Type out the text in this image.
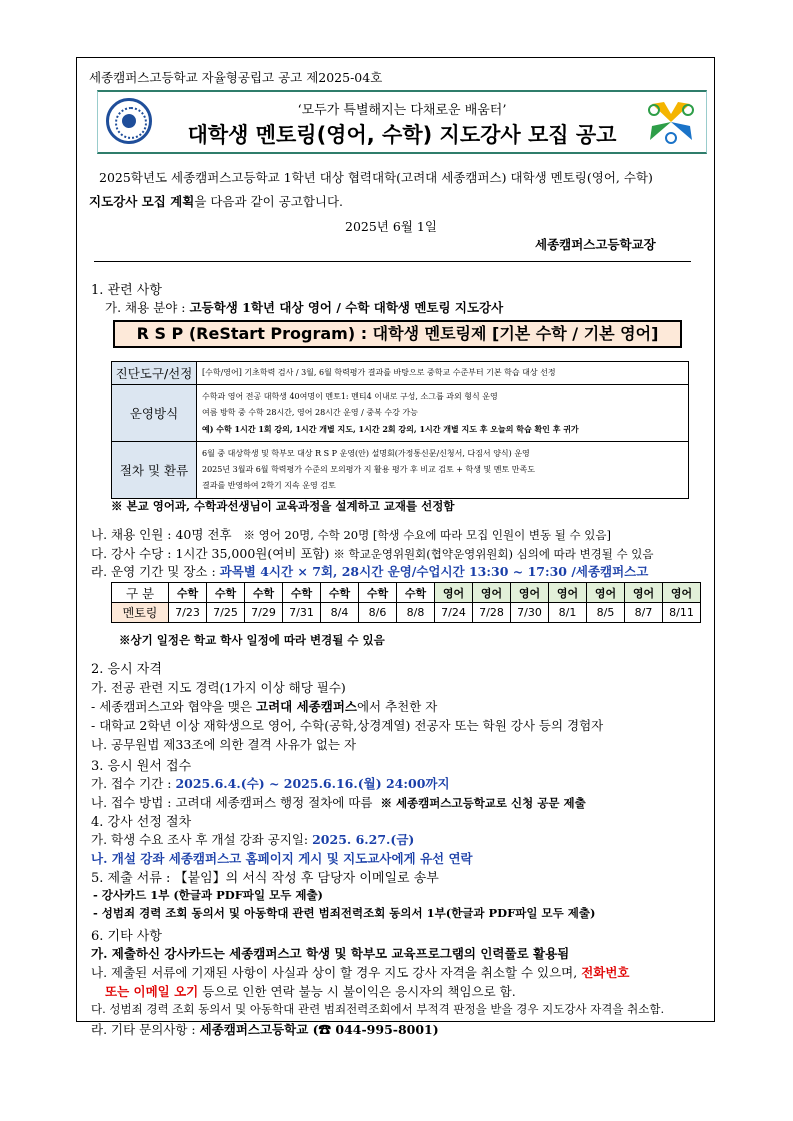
세종캠퍼스고등학교 자율형공립고 공고 제2025-04호
‘모두가 특별해지는 다채로운 배움터’
대학생 멘토링(영어, 수학) 지도강사 모집 공고
2025학년도 세종캠퍼스고등학교 1학년 대상 협력대학(고려대 세종캠퍼스) 대학생 멘토링(영어, 수학)
지도강사 모집 계획을 다음과 같이 공고합니다.
2025년 6월 1일
세종캠퍼스고등학교장
1. 관련 사항
가. 채용 분야 : 고등학생 1학년 대상 영어 / 수학 대학생 멘토링 지도강사
R S P (ReStart Program) : 대학생 멘토링제 [기본 수학 / 기본 영어]
진단도구/선정	[수학/영어] 기초학력 검사 / 3월, 6월 학력평가 결과를 바탕으로 중학교 수준부터 기본 학습 대상 선정

운영방식	수학과 영어 전공 대학생 40여명이 멘토1: 멘티4 이내로 구성, 소그룹 과외 형식 운영
여름 방학 중 수학 28시간, 영어 28시간 운영 / 중복 수강 가능
예) 수학 1시간 1회 강의, 1시간 개별 지도, 1시간 2회 강의, 1시간 개별 지도 후 오늘의 학습 확인 후 귀가

절차 및 환류	6월 중 대상학생 및 학부모 대상 R S P 운영(안) 설명회(가정통신문/신청서, 다짐서 양식) 운영
2025년 3월과 6월 학력평가 수준의 모의평가 지 활용 평가 후 비교 검토 + 학생 및 멘토 만족도
결과를 반영하여 2학기 지속 운영 검토
※ 본교 영어과, 수학과선생님이 교육과정을 설계하고 교재를 선정함
나. 채용 인원 : 40명 전후 ※ 영어 20명, 수학 20명 [학생 수요에 따라 모집 인원이 변동 될 수 있음]
다. 강사 수당 : 1시간 35,000원(여비 포함) ※ 학교운영위원회(협약운영위원회) 심의에 따라 변경될 수 있음
라. 운영 기간 및 장소 : 과목별 4시간 × 7회, 28시간 운영/수업시간 13:30 ~ 17:30 /세종캠퍼스고
구 분	수학	수학	수학	수학	수학	수학	수학	영어	영어	영어	영어	영어	영어	영어
멘토링	7/23	7/25	7/29	7/31	8/4	8/6	8/8	7/24	7/28	7/30	8/1	8/5	8/7	8/11
※상기 일정은 학교 학사 일정에 따라 변경될 수 있음
2. 응시 자격
가. 전공 관련 지도 경력(1가지 이상 해당 필수)
- 세종캠퍼스고와 협약을 맺은 고려대 세종캠퍼스에서 추천한 자
- 대학교 2학년 이상 재학생으로 영어, 수학(공학,상경계열) 전공자 또는 학원 강사 등의 경험자
나. 공무원법 제33조에 의한 결격 사유가 없는 자
3. 응시 원서 접수
가. 접수 기간 : 2025.6.4.(수) ~ 2025.6.16.(월) 24:00까지
나. 접수 방법 : 고려대 세종캠퍼스 행정 절차에 따름 ※ 세종캠퍼스고등학교로 신청 공문 제출
4. 강사 선정 절차
가. 학생 수요 조사 후 개설 강좌 공지일: 2025. 6.27.(금)
나. 개설 강좌 세종캠퍼스고 홈페이지 게시 및 지도교사에게 유선 연락
5. 제출 서류 : 【붙임】의 서식 작성 후 담당자 이메일로 송부
- 강사카드 1부 (한글과 PDF파일 모두 제출)
- 성범죄 경력 조회 동의서 및 아동학대 관련 범죄전력조회 동의서 1부(한글과 PDF파일 모두 제출)
6. 기타 사항
가. 제출하신 강사카드는 세종캠퍼스고 학생 및 학부모 교육프로그램의 인력풀로 활용됨
나. 제출된 서류에 기재된 사항이 사실과 상이 할 경우 지도 강사 자격을 취소할 수 있으며, 전화번호
또는 이메일 오기 등으로 인한 연락 불능 시 불이익은 응시자의 책임으로 함.
다. 성범죄 경력 조회 동의서 및 아동학대 관련 범죄전력조회에서 부적격 판정을 받을 경우 지도강사 자격을 취소함.
라. 기타 문의사항 : 세종캠퍼스고등학교 (☎ 044-995-8001)
